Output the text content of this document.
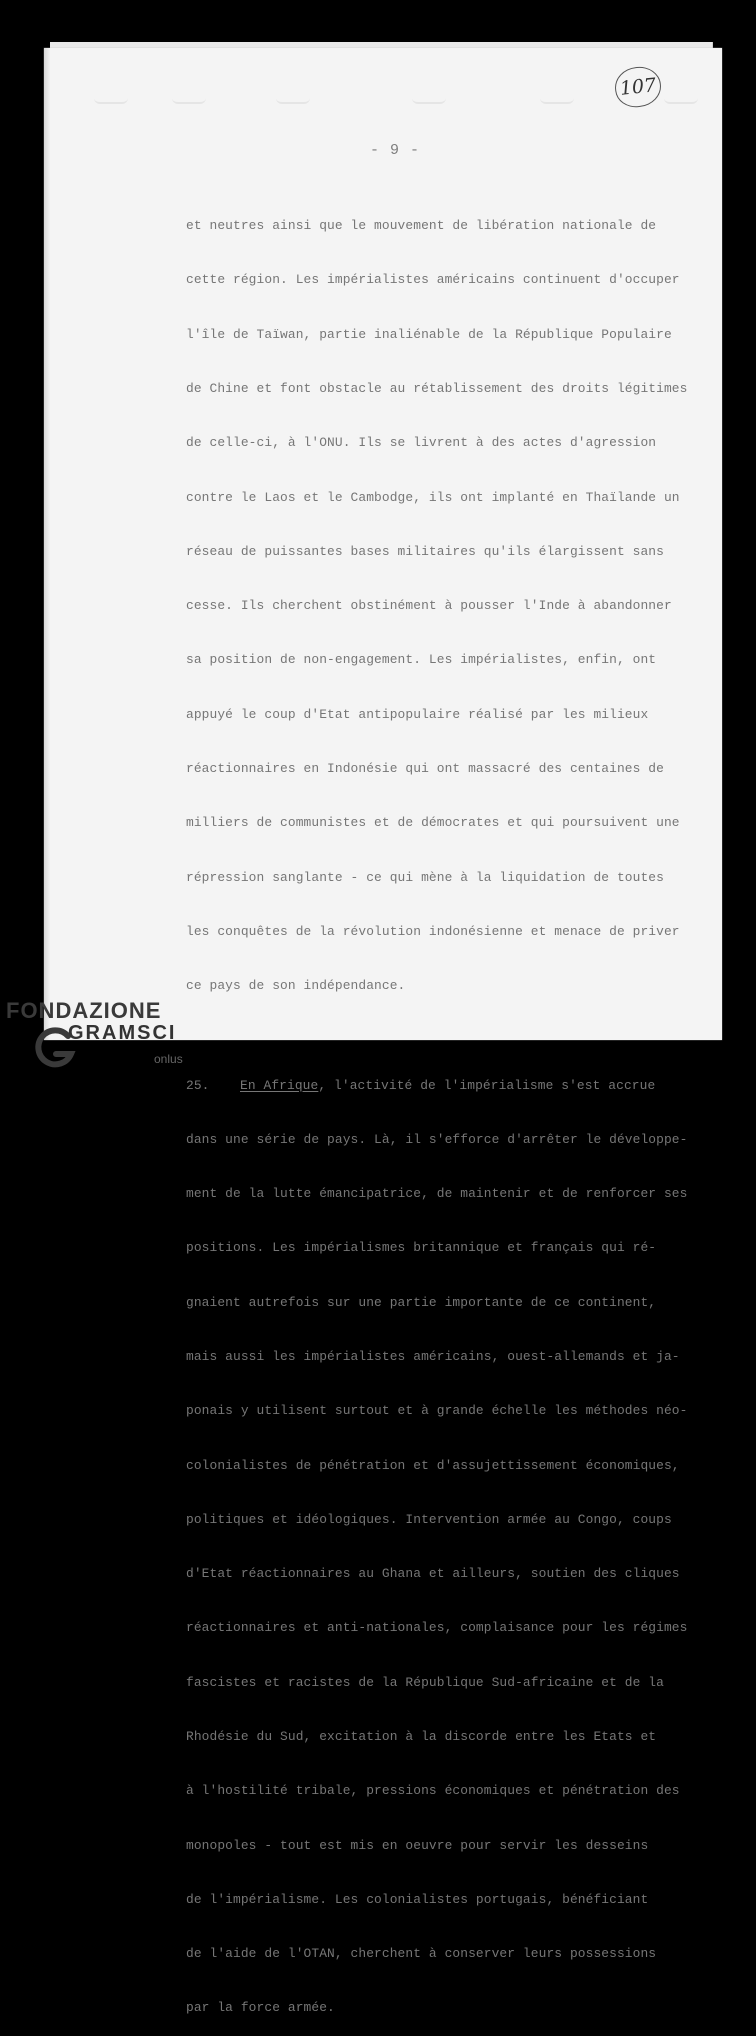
107
- 9 -

et neutres ainsi que le mouvement de libération nationale de

cette région. Les impérialistes américains continuent d'occuper

l'île de Taïwan, partie inaliénable de la République Populaire

de Chine et font obstacle au rétablissement des droits légitimes

de celle-ci, à l'ONU. Ils se livrent à des actes d'agression

contre le Laos et le Cambodge, ils ont implanté en Thaïlande un

réseau de puissantes bases militaires qu'ils élargissent sans

cesse. Ils cherchent obstinément à pousser l'Inde à abandonner

sa position de non-engagement. Les impérialistes, enfin, ont

appuyé le coup d'Etat antipopulaire réalisé par les milieux

réactionnaires en Indonésie qui ont massacré des centaines de

milliers de communistes et de démocrates et qui poursuivent une

répression sanglante - ce qui mène à la liquidation de toutes

les conquêtes de la révolution indonésienne et menace de priver

ce pays de son indépendance.

25. En Afrique, l'activité de l'impérialisme s'est accrue

dans une série de pays. Là, il s'efforce d'arrêter le développe-

ment de la lutte émancipatrice, de maintenir et de renforcer ses

positions. Les impérialismes britannique et français qui ré-

gnaient autrefois sur une partie importante de ce continent,

mais aussi les impérialistes américains, ouest-allemands et ja-

ponais y utilisent surtout et à grande échelle les méthodes néo-

colonialistes de pénétration et d'assujettissement économiques,

politiques et idéologiques. Intervention armée au Congo, coups

d'Etat réactionnaires au Ghana et ailleurs, soutien des cliques

réactionnaires et anti-nationales, complaisance pour les régimes

fascistes et racistes de la République Sud-africaine et de la

Rhodésie du Sud, excitation à la discorde entre les Etats et

à l'hostilité tribale, pressions économiques et pénétration des

monopoles - tout est mis en oeuvre pour servir les desseins

de l'impérialisme. Les colonialistes portugais, bénéficiant

de l'aide de l'OTAN, cherchent à conserver leurs possessions

par la force armée.

FONDAZIONE
GRAMSCI
onlus
